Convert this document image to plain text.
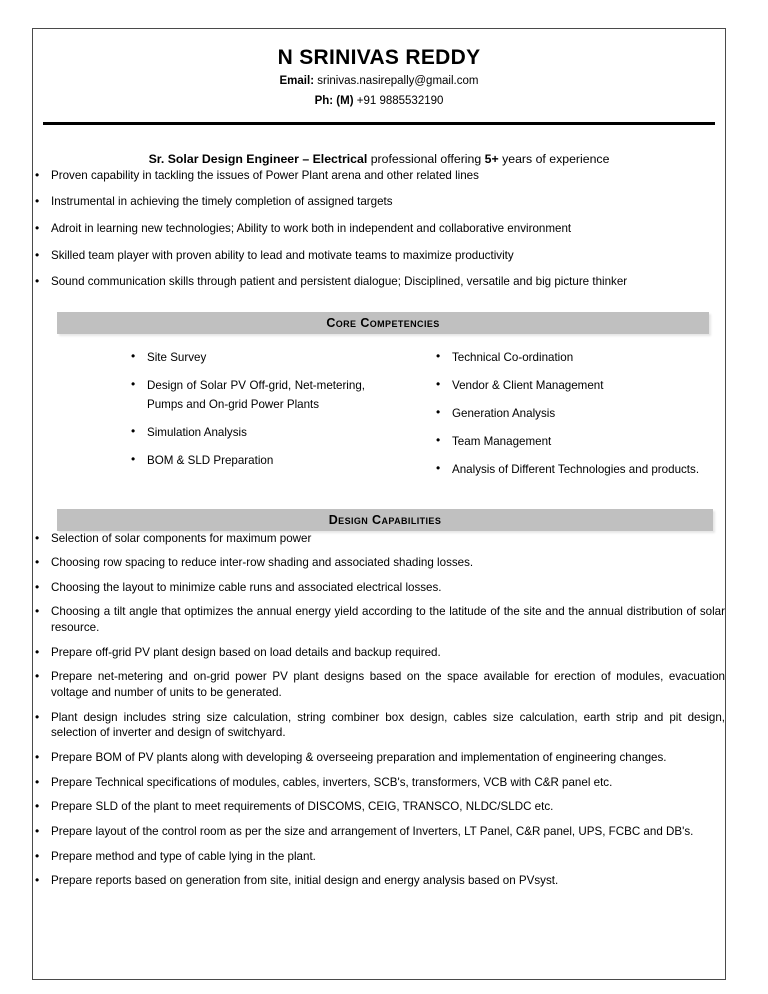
N SRINIVAS REDDY
Email: srinivas.nasirepally@gmail.com
Ph: (M) +91 9885532190
Sr. Solar Design Engineer – Electrical professional offering 5+ years of experience
• Proven capability in tackling the issues of Power Plant arena and other related lines
• Instrumental in achieving the timely completion of assigned targets
• Adroit in learning new technologies; Ability to work both in independent and collaborative environment
• Skilled team player with proven ability to lead and motivate teams to maximize productivity
• Sound communication skills through patient and persistent dialogue; Disciplined, versatile and big picture thinker
Core Competencies
• Site Survey
• Design of Solar PV Off-grid, Net-metering, Pumps and On-grid Power Plants
• Simulation Analysis
• BOM & SLD Preparation
• Technical Co-ordination
• Vendor & Client Management
• Generation Analysis
• Team Management
• Analysis of Different Technologies and products.
Design Capabilities
• Selection of solar components for maximum power
• Choosing row spacing to reduce inter-row shading and associated shading losses.
• Choosing the layout to minimize cable runs and associated electrical losses.
• Choosing a tilt angle that optimizes the annual energy yield according to the latitude of the site and the annual distribution of solar resource.
• Prepare off-grid PV plant design based on load details and backup required.
• Prepare net-metering and on-grid power PV plant designs based on the space available for erection of modules, evacuation voltage and number of units to be generated.
• Plant design includes string size calculation, string combiner box design, cables size calculation, earth strip and pit design, selection of inverter and design of switchyard.
• Prepare BOM of PV plants along with developing & overseeing preparation and implementation of engineering changes.
• Prepare Technical specifications of modules, cables, inverters, SCB's, transformers, VCB with C&R panel etc.
• Prepare SLD of the plant to meet requirements of DISCOMS, CEIG, TRANSCO, NLDC/SLDC etc.
• Prepare layout of the control room as per the size and arrangement of Inverters, LT Panel, C&R panel, UPS, FCBC and DB's.
• Prepare method and type of cable lying in the plant.
• Prepare reports based on generation from site, initial design and energy analysis based on PVsyst.
